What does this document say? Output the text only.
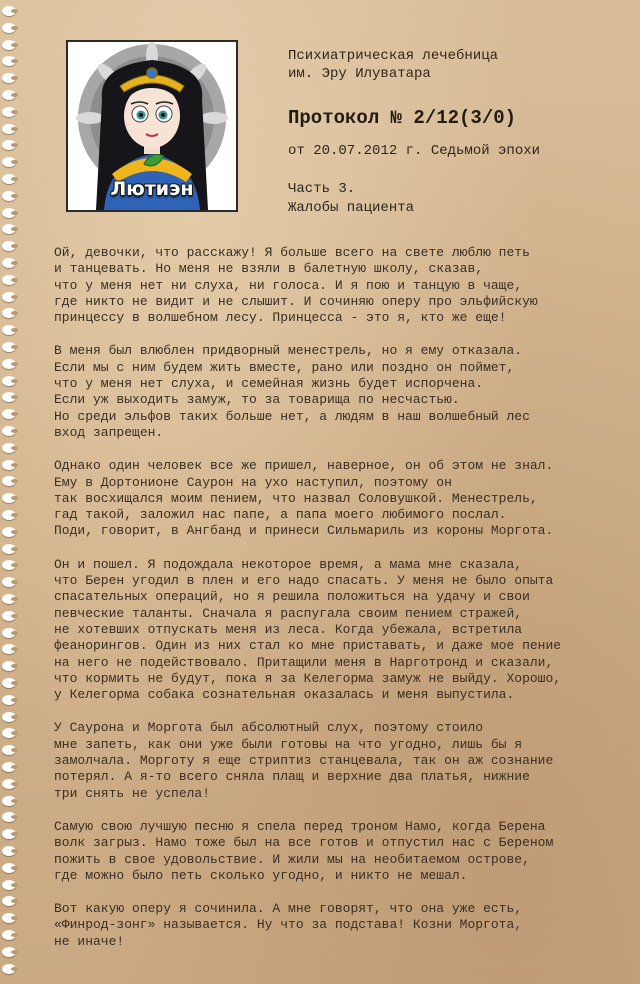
Лютиэн
Психиатрическая лечебница
им. Эру Илуватара
Протокол № 2/12(3/0)
от 20.07.2012 г. Седьмой эпохи
Часть 3.
Жалобы пациента
Ой, девочки, что расскажу! Я больше всего на свете люблю петь
и танцевать. Но меня не взяли в балетную школу, сказав,
что у меня нет ни слуха, ни голоса. И я пою и танцую в чаще,
где никто не видит и не слышит. И сочиняю оперу про эльфийскую
принцессу в волшебном лесу. Принцесса - это я, кто же еще!
В меня был влюблен придворный менестрель, но я ему отказала.
Если мы с ним будем жить вместе, рано или поздно он поймет,
что у меня нет слуха, и семейная жизнь будет испорчена.
Если уж выходить замуж, то за товарища по несчастью.
Но среди эльфов таких больше нет, а людям в наш волшебный лес
вход запрещен.
Однако один человек все же пришел, наверное, он об этом не знал.
Ему в Дортонионе Саурон на ухо наступил, поэтому он
так восхищался моим пением, что назвал Соловушкой. Менестрель,
гад такой, заложил нас папе, а папа моего любимого послал.
Поди, говорит, в Ангбанд и принеси Сильмариль из короны Моргота.
Он и пошел. Я подождала некоторое время, а мама мне сказала,
что Берен угодил в плен и его надо спасать. У меня не было опыта
спасательных операций, но я решила положиться на удачу и свои
певческие таланты. Сначала я распугала своим пением стражей,
не хотевших отпускать меня из леса. Когда убежала, встретила
феанорингов. Один из них стал ко мне приставать, и даже мое пение
на него не подействовало. Притащили меня в Нарготронд и сказали,
что кормить не будут, пока я за Келегорма замуж не выйду. Хорошо,
у Келегорма собака сознательная оказалась и меня выпустила.
У Саурона и Моргота был абсолютный слух, поэтому стоило
мне запеть, как они уже были готовы на что угодно, лишь бы я
замолчала. Морготу я еще стриптиз станцевала, так он аж сознание
потерял. А я-то всего сняла плащ и верхние два платья, нижние
три снять не успела!
Самую свою лучшую песню я спела перед троном Намо, когда Берена
волк загрыз. Намо тоже был на все готов и отпустил нас с Береном
пожить в свое удовольствие. И жили мы на необитаемом острове,
где можно было петь сколько угодно, и никто не мешал.
Вот какую оперу я сочинила. А мне говорят, что она уже есть,
«Финрод-зонг» называется. Ну что за подстава! Козни Моргота,
не иначе!
